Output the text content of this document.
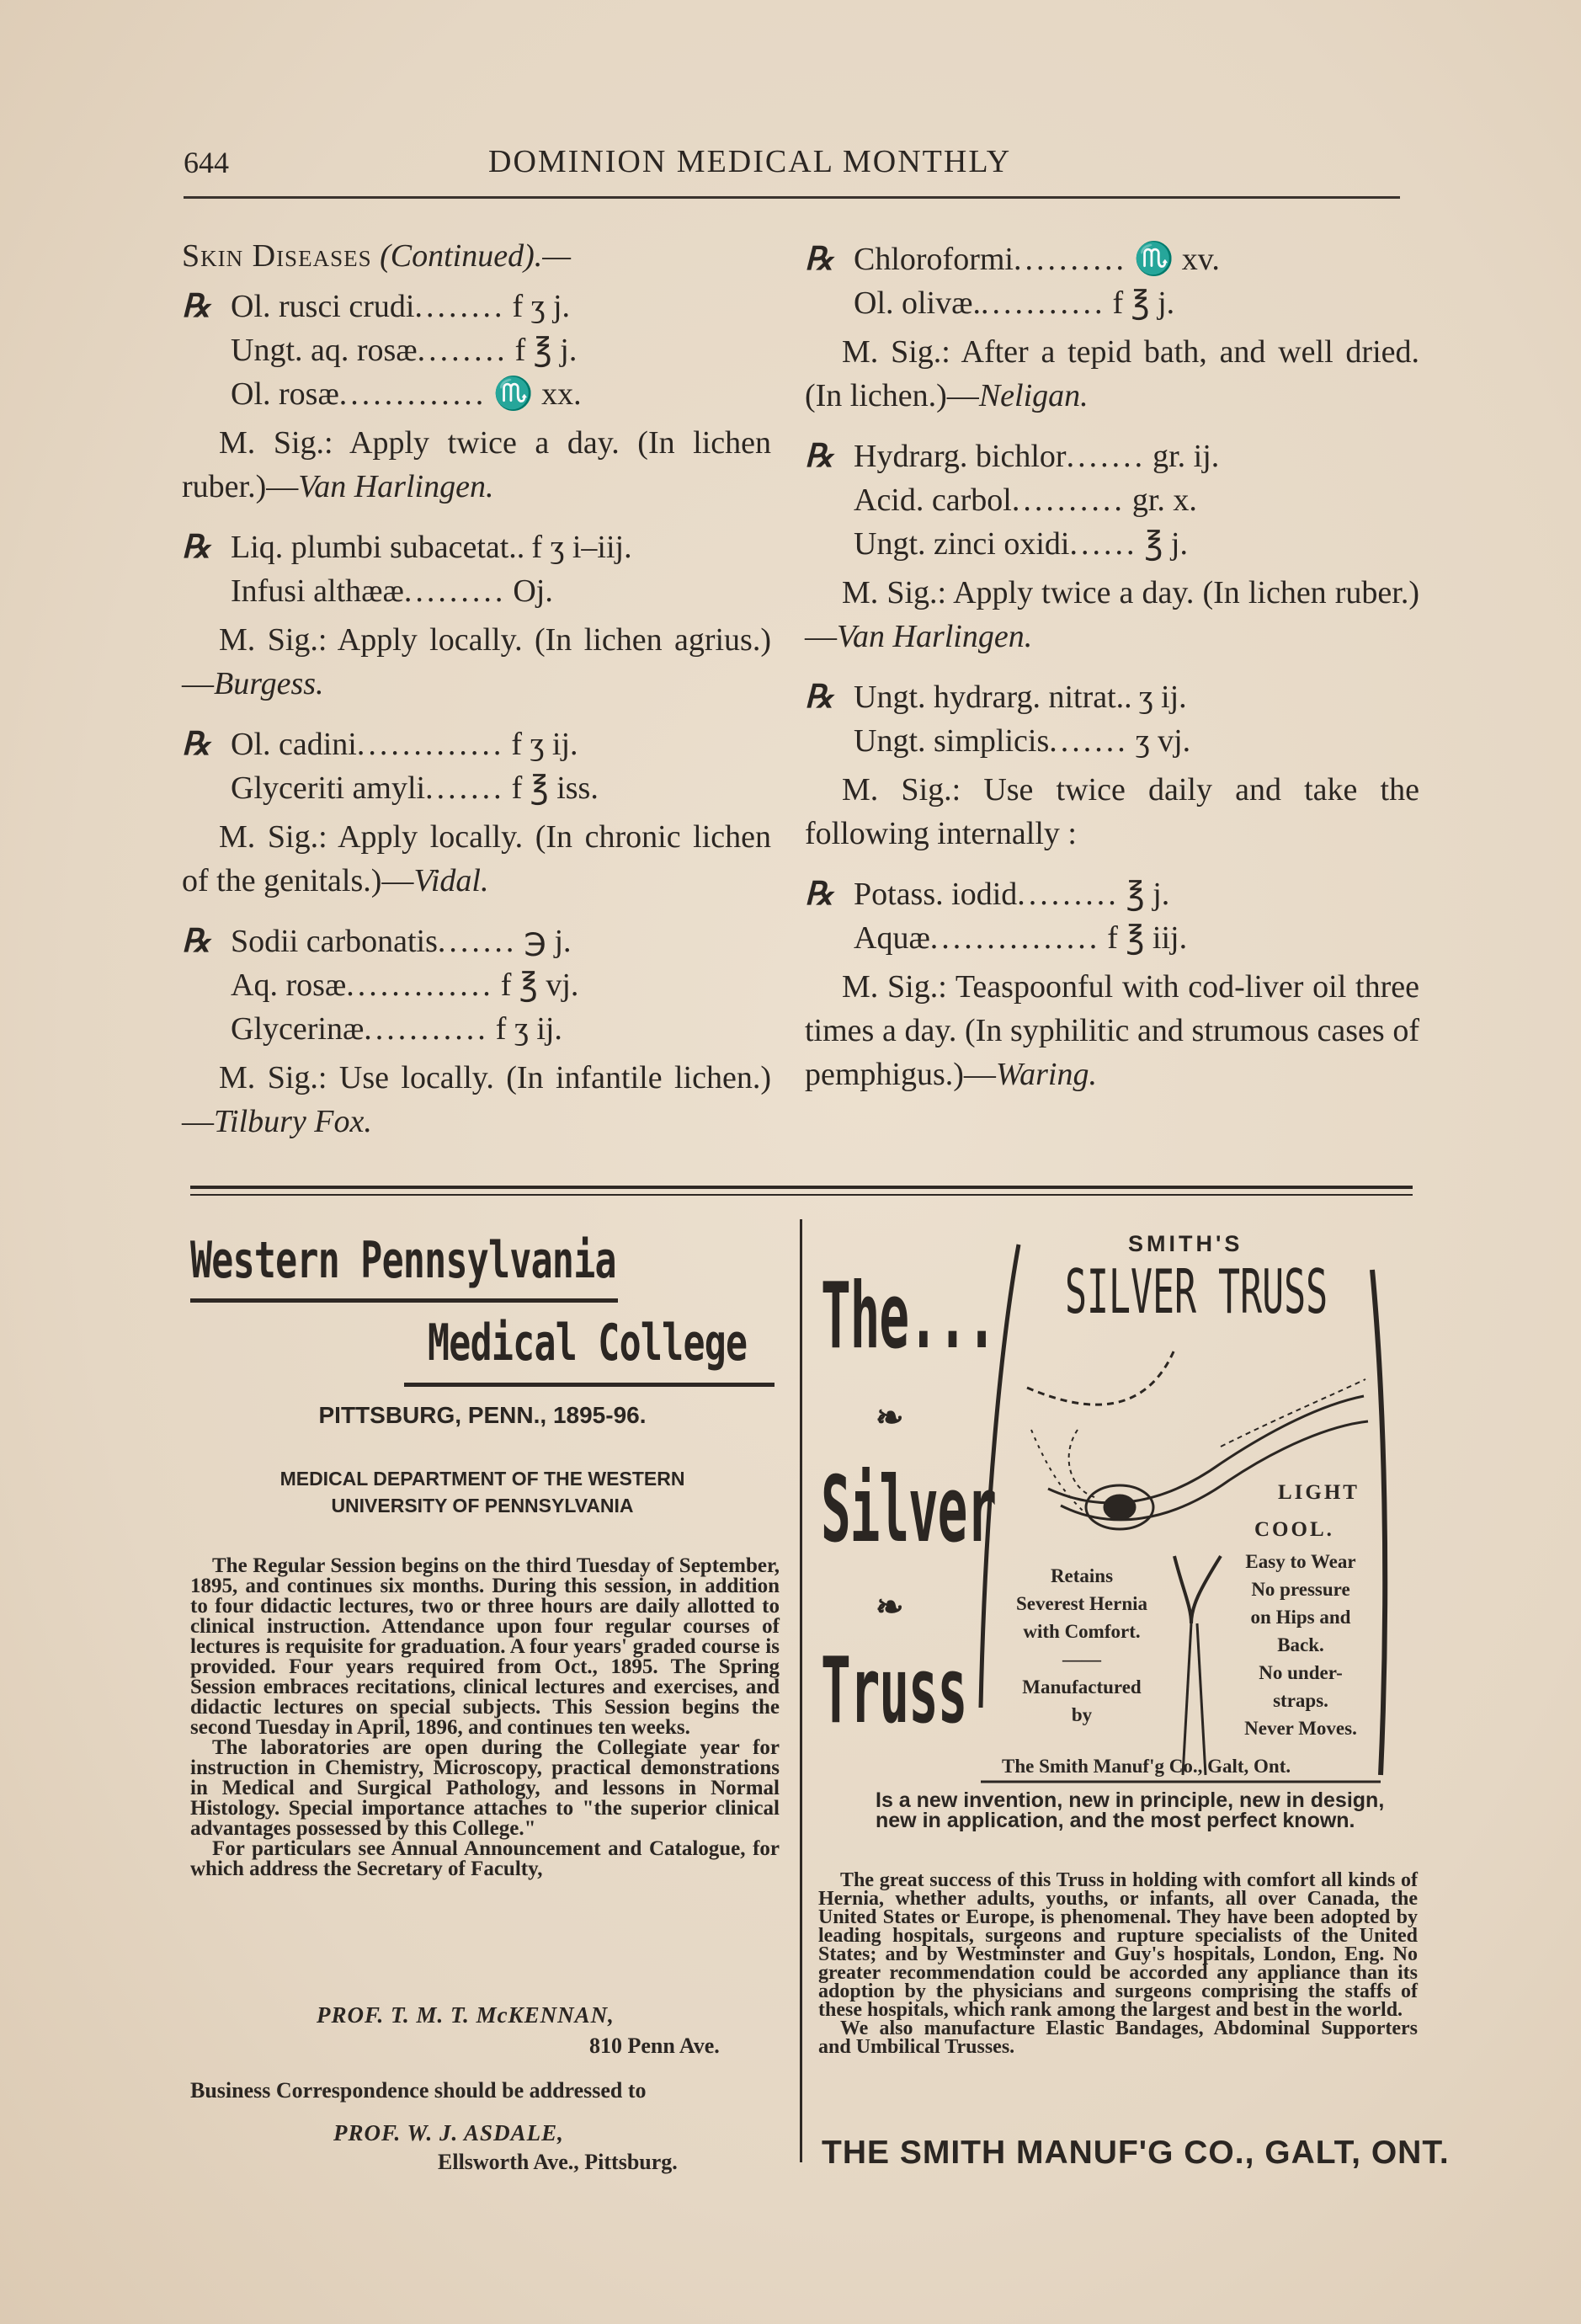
644	DOMINION MEDICAL MONTHLY
Skin Diseases (Continued).—
℞ Ol. rusci crudi ........ f ʒ j.
Ungt. aq. rosæ ........ f ℥ j.
Ol. rosæ ............. ♏ xx.
M. Sig.: Apply twice a day. (In lichen ruber.)—Van Harlingen.
℞ Liq. plumbi subacetat.. f ʒ i–iij.
Infusi althææ ......... Oj.
M. Sig.: Apply locally. (In lichen agrius.)—Burgess.
℞ Ol. cadini ............. f ʒ ij.
Glyceriti amyli ....... f ℥ iss.
M. Sig.: Apply locally. (In chronic lichen of the genitals.)—Vidal.
℞ Sodii carbonatis ....... ℈ j.
Aq. rosæ ............. f ℥ vj.
Glycerinæ ........... f ʒ ij.
M. Sig.: Use locally. (In infantile lichen.)—Tilbury Fox.
℞ Chloroformi .......... ♏ xv.
Ol. olivæ. ........... f ℥ j.
M. Sig.: After a tepid bath, and well dried. (In lichen.)—Neligan.
℞ Hydrarg. bichlor ....... gr. ij.
Acid. carbol .......... gr. x.
Ungt. zinci oxidi ...... ℥ j.
M. Sig.: Apply twice a day. (In lichen ruber.)—Van Harlingen.
℞ Ungt. hydrarg. nitrat.. ʒ ij.
Ungt. simplicis ....... ʒ vj.
M. Sig.: Use twice daily and take the following internally :
℞ Potass. iodid ......... ℥ j.
Aquæ ............... f ℥ iij.
M. Sig.: Teaspoonful with cod-liver oil three times a day. (In syphilitic and strumous cases of pemphigus.)—Waring.
Western Pennsylvania
Medical College
PITTSBURG, PENN., 1895-96.
MEDICAL DEPARTMENT OF THE WESTERN
UNIVERSITY OF PENNSYLVANIA

The Regular Session begins on the third Tuesday of September, 1895, and continues six months. During this session, in addition to four didactic lectures, two or three hours are daily allotted to clinical instruction. Attendance upon four regular courses of lectures is requisite for graduation. A four years' graded course is provided. Four years required from Oct., 1895. The Spring Session embraces recitations, clinical lectures and exercises, and didactic lectures on special subjects. This Session begins the second Tuesday in April, 1896, and continues ten weeks.

The laboratories are open during the Collegiate year for instruction in Chemistry, Microscopy, practical demonstrations in Medical and Surgical Pathology, and lessons in Normal Histology. Special importance attaches to "the superior clinical advantages possessed by this College."

For particulars see Annual Announcement and Catalogue, for which address the Secretary of Faculty,

PROF. T. M. T. McKENNAN,
810 Penn Ave.
Business Correspondence should be addressed to
PROF. W. J. ASDALE,
Ellsworth Ave., Pittsburg.
The...
❧
Silver
❧
Truss
SMITH'S
SILVER TRUSS
LIGHT
COOL.
Easy to Wear
No pressure
on Hips and
Back.
No under-
straps.
Never Moves.
Retains
Severest Hernia
with Comfort.
——
Manufactured
by
The Smith Manuf'g Co., Galt, Ont.
Is a new invention, new in principle, new in design, new in application, and the most perfect known.

The great success of this Truss in holding with comfort all kinds of Hernia, whether adults, youths, or infants, all over Canada, the United States or Europe, is phenomenal. They have been adopted by leading hospitals, surgeons and rupture specialists of the United States; and by Westminster and Guy's hospitals, London, Eng. No greater recommendation could be accorded any appliance than its adoption by the physicians and surgeons comprising the staffs of these hospitals, which rank among the largest and best in the world.

We also manufacture Elastic Bandages, Abdominal Supporters and Umbilical Trusses.

THE SMITH MANUF'G CO., GALT, ONT.
